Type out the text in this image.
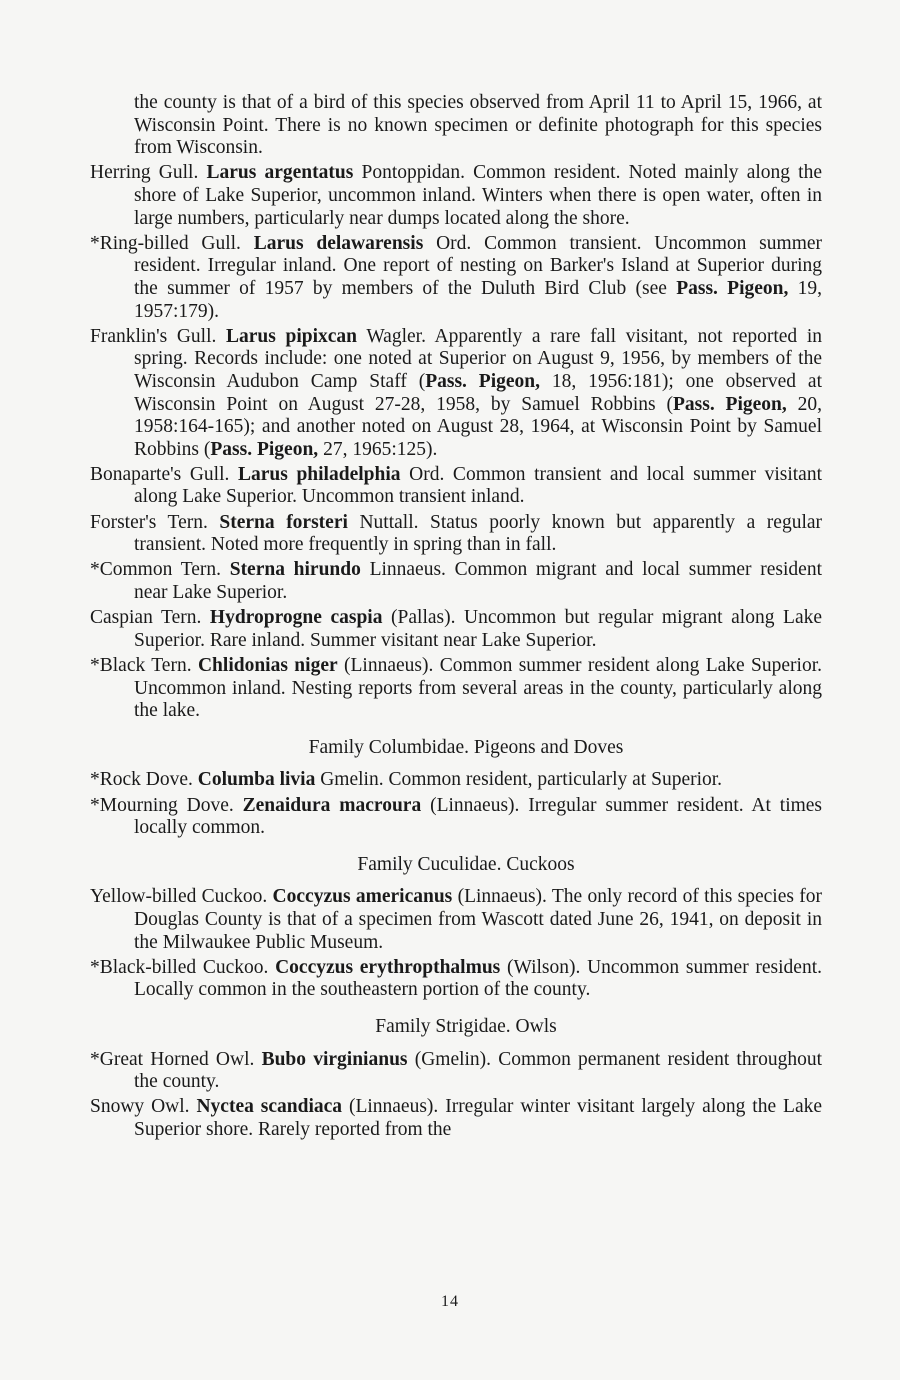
the county is that of a bird of this species observed from April 11 to April 15, 1966, at Wisconsin Point. There is no known specimen or definite photograph for this species from Wisconsin.

Herring Gull. Larus argentatus Pontoppidan. Common resident. Noted mainly along the shore of Lake Superior, uncommon inland. Winters when there is open water, often in large numbers, particularly near dumps located along the shore.

*Ring-billed Gull. Larus delawarensis Ord. Common transient. Uncommon summer resident. Irregular inland. One report of nesting on Barker's Island at Superior during the summer of 1957 by members of the Duluth Bird Club (see Pass. Pigeon, 19, 1957:179).

Franklin's Gull. Larus pipixcan Wagler. Apparently a rare fall visitant, not reported in spring. Records include: one noted at Superior on August 9, 1956, by members of the Wisconsin Audubon Camp Staff (Pass. Pigeon, 18, 1956:181); one observed at Wisconsin Point on August 27-28, 1958, by Samuel Robbins (Pass. Pigeon, 20, 1958:164-165); and another noted on August 28, 1964, at Wisconsin Point by Samuel Robbins (Pass. Pigeon, 27, 1965:125).

Bonaparte's Gull. Larus philadelphia Ord. Common transient and local summer visitant along Lake Superior. Uncommon transient inland.

Forster's Tern. Sterna forsteri Nuttall. Status poorly known but apparently a regular transient. Noted more frequently in spring than in fall.

*Common Tern. Sterna hirundo Linnaeus. Common migrant and local summer resident near Lake Superior.

Caspian Tern. Hydroprogne caspia (Pallas). Uncommon but regular migrant along Lake Superior. Rare inland. Summer visitant near Lake Superior.

*Black Tern. Chlidonias niger (Linnaeus). Common summer resident along Lake Superior. Uncommon inland. Nesting reports from several areas in the county, particularly along the lake.

Family Columbidae. Pigeons and Doves

*Rock Dove. Columba livia Gmelin. Common resident, particularly at Superior.

*Mourning Dove. Zenaidura macroura (Linnaeus). Irregular summer resident. At times locally common.

Family Cuculidae. Cuckoos

Yellow-billed Cuckoo. Coccyzus americanus (Linnaeus). The only record of this species for Douglas County is that of a specimen from Wascott dated June 26, 1941, on deposit in the Milwaukee Public Museum.

*Black-billed Cuckoo. Coccyzus erythropthalmus (Wilson). Uncommon summer resident. Locally common in the southeastern portion of the county.

Family Strigidae. Owls

*Great Horned Owl. Bubo virginianus (Gmelin). Common permanent resident throughout the county.

Snowy Owl. Nyctea scandiaca (Linnaeus). Irregular winter visitant largely along the Lake Superior shore. Rarely reported from the

14
